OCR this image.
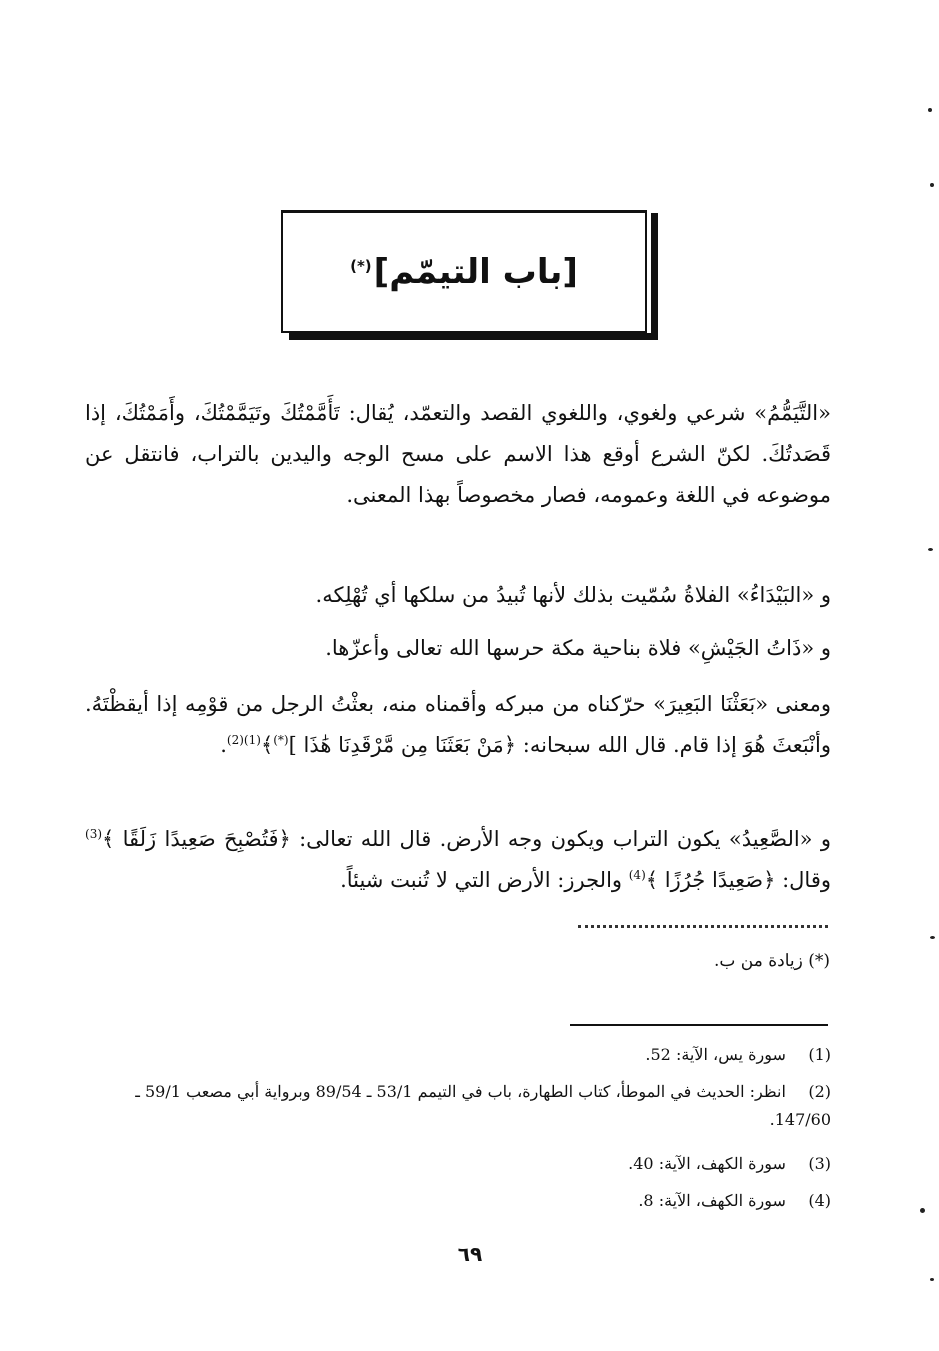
[باب التيمّم](*)
«التَّيَمُّمُ» شرعي ولغوي، واللغوي القصد والتعمّد، يُقال: تَأَمَّمْتُكَ وتَيَمَّمْتُكَ، وأَمَمْتُكَ، إذا قَصَدتُكَ. لكنّ الشرع أوقع هذا الاسم على مسح الوجه واليدين بالتراب، فانتقل عن موضوعه في اللغة وعمومه، فصار مخصوصاً بهذا المعنى.
و «البَيْدَاءُ» الفلاةُ سُمّيت بذلك لأنها تُبيدُ من سلكها أي تُهْلِكه.
و «ذَاتُ الجَيْشِ» فلاة بناحية مكة حرسها الله تعالى وأعزّها.
ومعنى «بَعَثْنَا البَعِيرَ» حرّكناه من مبركه وأقمناه منه، بعثْتُ الرجل من قوْمِه إذا أيقظْتَهُ. وأنْبَعثَ هُوَ إذا قام. قال الله سبحانه: ﴿مَنْ بَعَثَنَا مِن مَّرْقَدِنَا هَٰذَا ](*)﴾$^{(1)(2)}$.
و «الصَّعِيدُ» يكون التراب ويكون وجه الأرض. قال الله تعالى: ﴿فَتُصْبِحَ صَعِيدًا زَلَقًا ﴾$^{(3)}$ وقال: ﴿صَعِيدًا جُرُزًا ﴾$^{(4)}$ والجرز: الأرض التي لا تُنبت شيئاً.
(*) زيادة من ب.
(1) سورة يس، الآية: 52.
(2) انظر: الحديث في الموطأ، كتاب الطهارة، باب في التيمم 53/1 ـ 89/54 وبرواية أبي مصعب 59/1 ـ 147/60.
(3) سورة الكهف، الآية: 40.
(4) سورة الكهف، الآية: 8.
٦٩
